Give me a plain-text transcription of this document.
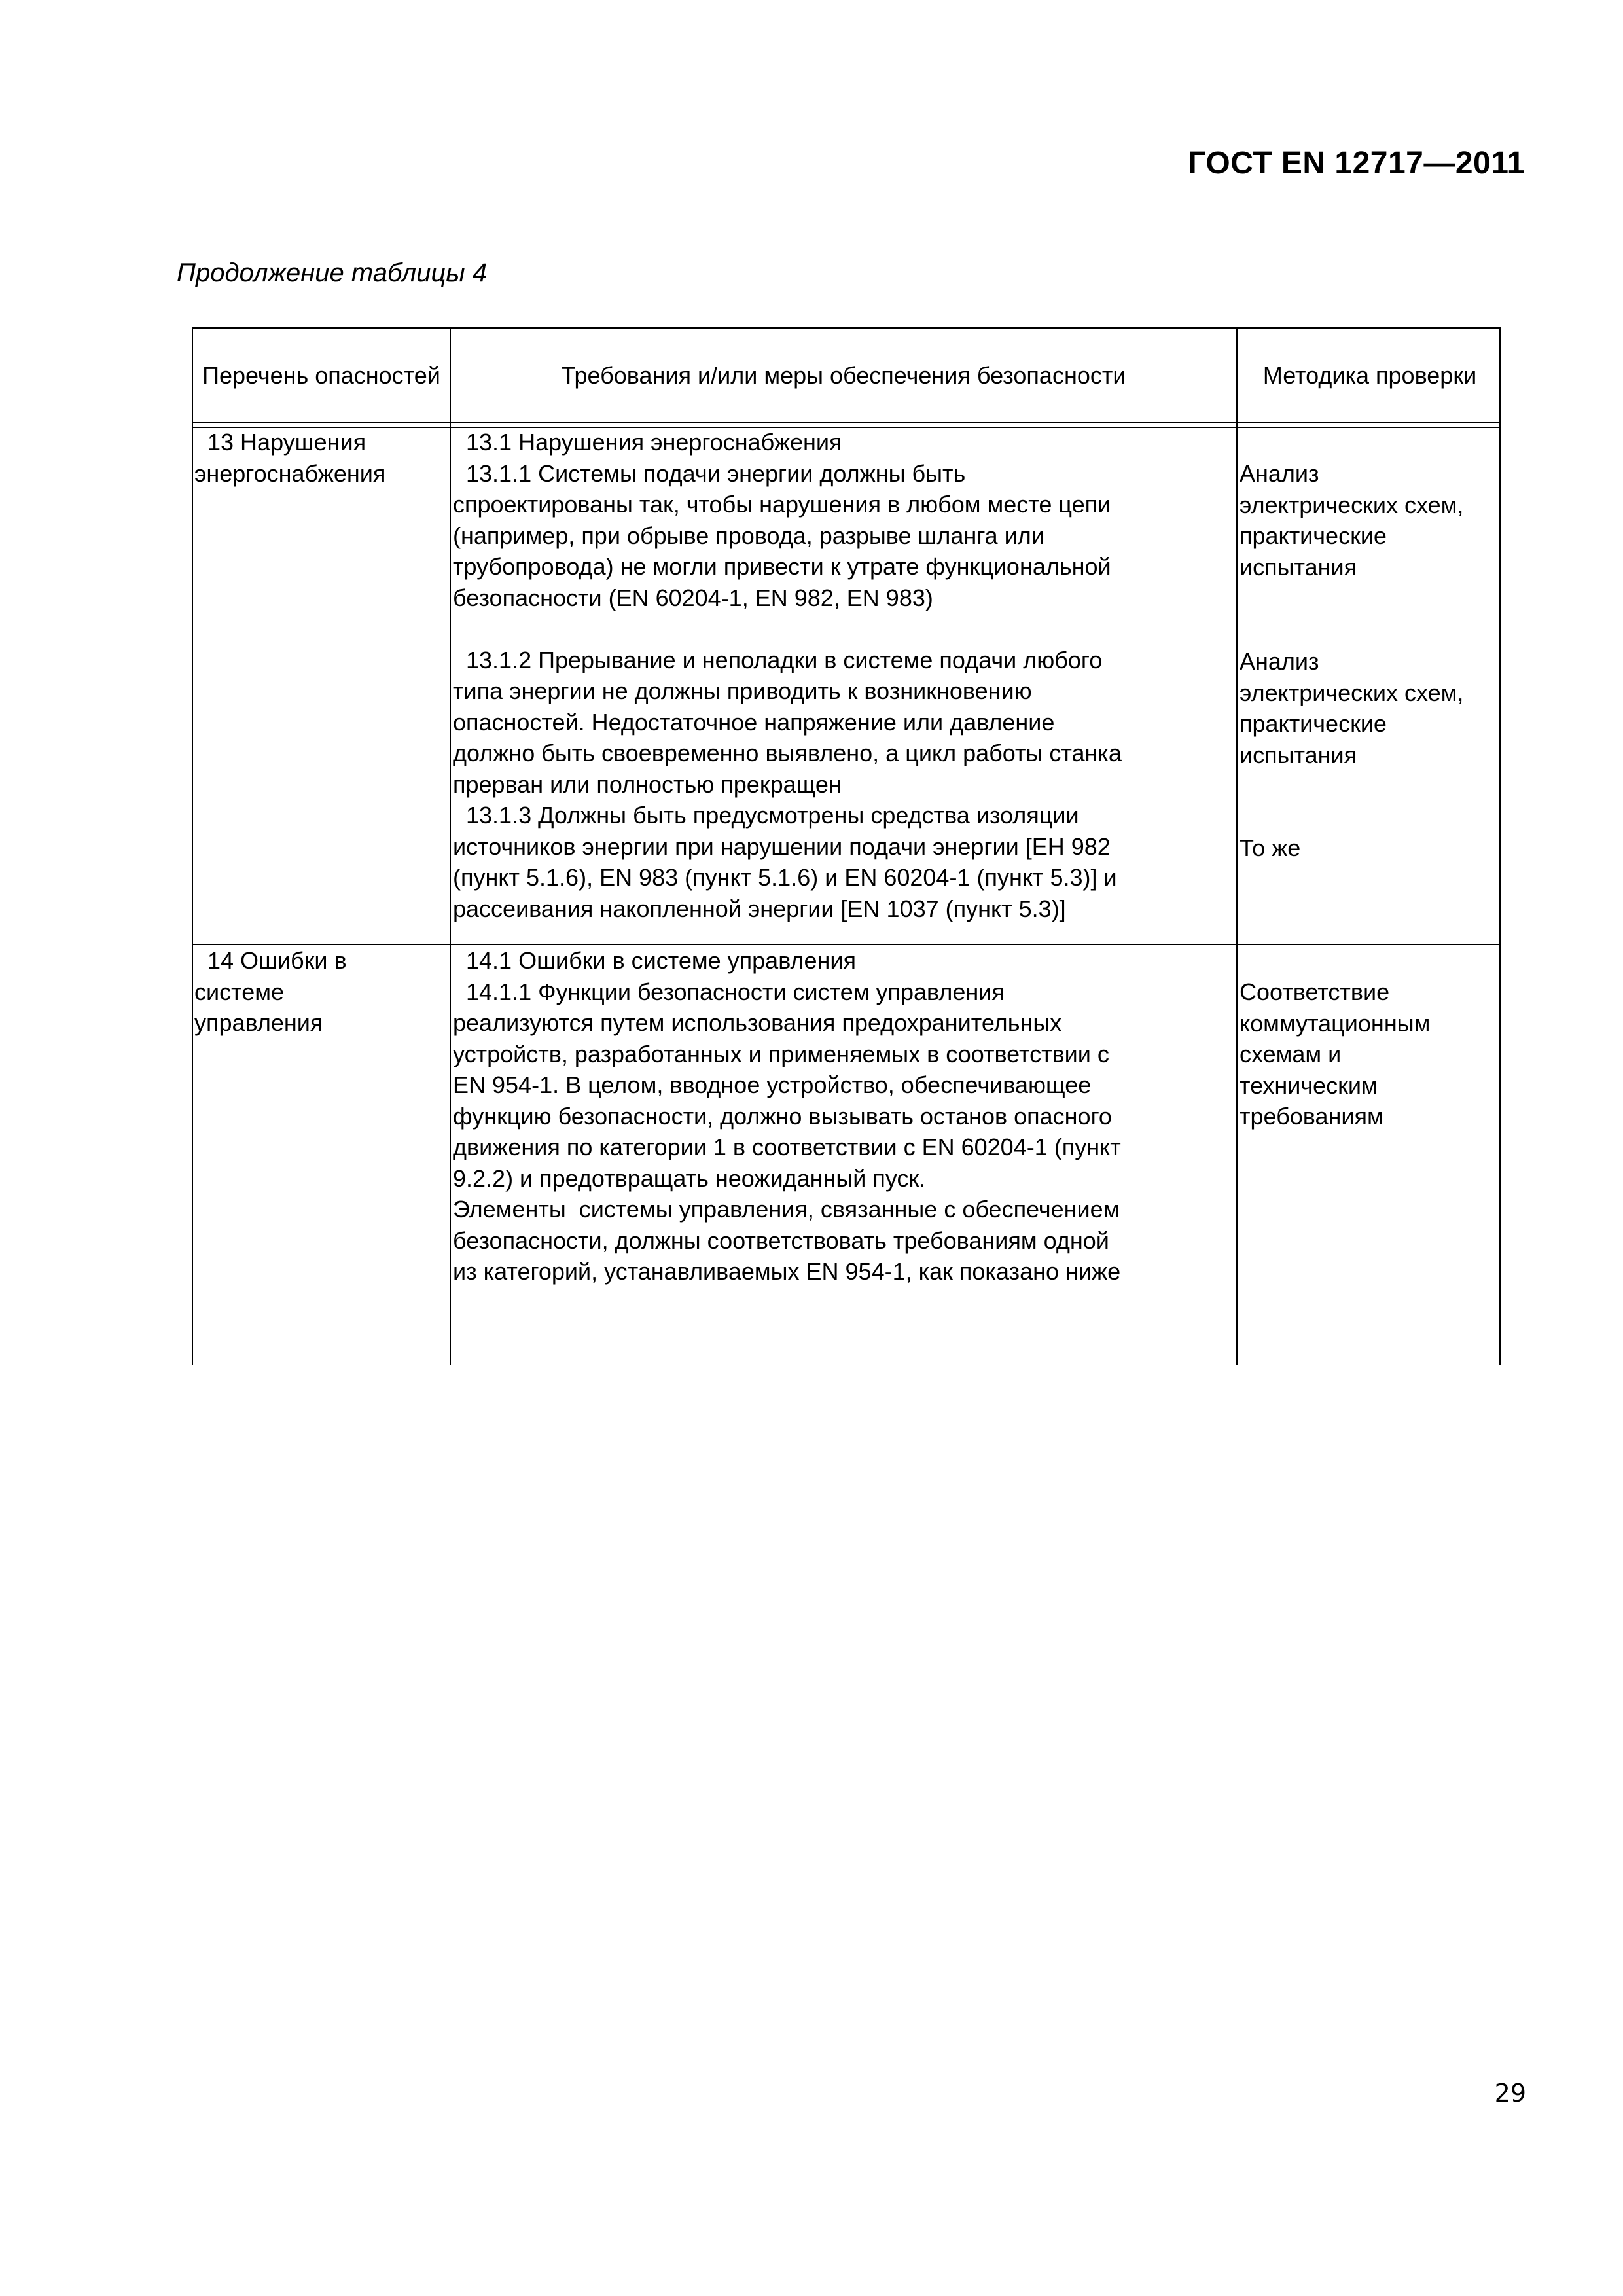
ГОСТ EN 12717—2011
Продолжение таблицы 4
Перечень опасностей	Требования и/или меры обеспечения безопасности	Методика проверки
13 Нарушения
энергоснабжения
13.1 Нарушения энергоснабжения
13.1.1 Системы подачи энергии должны быть
спроектированы так, чтобы нарушения в любом месте цепи
(например, при обрыве провода, разрыве шланга или
трубопровода) не могли привести к утрате функциональной
безопасности (EN 60204-1, EN 982, EN 983)

13.1.2 Прерывание и неполадки в системе подачи любого
типа энергии не должны приводить к возникновению
опасностей. Недостаточное напряжение или давление
должно быть своевременно выявлено, а цикл работы станка
прерван или полностью прекращен
13.1.3 Должны быть предусмотрены средства изоляции
источников энергии при нарушении подачи энергии [ЕН 982
(пункт 5.1.6), EN 983 (пункт 5.1.6) и EN 60204-1 (пункт 5.3)] и
рассеивания накопленной энергии [EN 1037 (пункт 5.3)]
Анализ
электрических схем,
практические
испытания
Анализ
электрических схем,
практические
испытания
То же
14 Ошибки в
системе
управления
14.1 Ошибки в системе управления
14.1.1 Функции безопасности систем управления
реализуются путем использования предохранительных
устройств, разработанных и применяемых в соответствии с
EN 954-1. В целом, вводное устройство, обеспечивающее
функцию безопасности, должно вызывать останов опасного
движения по категории 1 в соответствии с EN 60204-1 (пункт
9.2.2) и предотвращать неожиданный пуск.
Элементы  системы управления, связанные с обеспечением
безопасности, должны соответствовать требованиям одной
из категорий, устанавливаемых EN 954-1, как показано ниже
Соответствие
коммутационным
схемам и
техническим
требованиям
29
